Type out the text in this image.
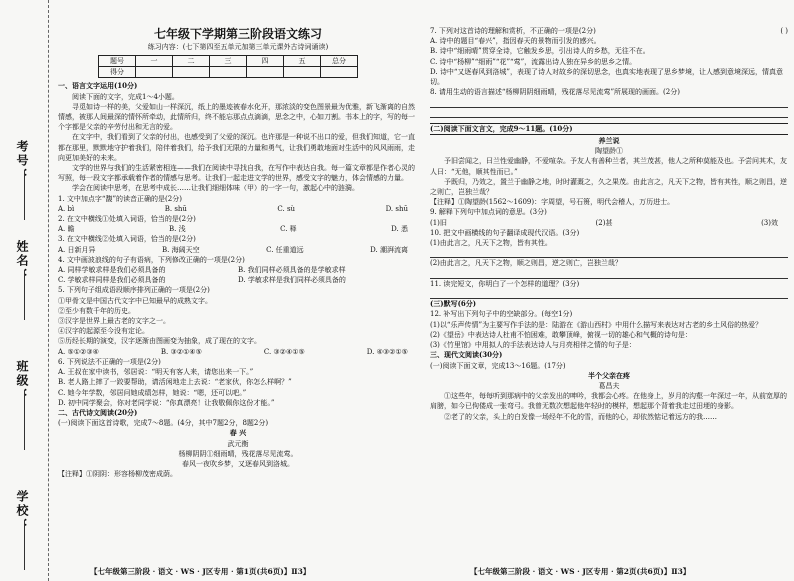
考号：
姓名：
班级：
学校：
七年级下学期第三阶段语文练习
练习内容：(七下第四至五单元加第三单元课外古诗词诵读)
题号	一	二	三	四	五	总分
得分						
一、语言文字运用(10分)
阅读下面的文字，完成1～4小题。
寻觅如诗一样的美，父爱如山一样深沉，纸上的墨迹被春水化开，那浓淡的变色图景最为优雅，新飞渐离的自然情感，被那人间最深的情怀所牵动，此情所归，终不能忘那点点滴滴，思念之中，心如刀割。书本上的字，写的每一个字都是父亲的辛劳付出和无言的爱。
在文字中，我们看到了父亲的付出，也感受到了父爱的深沉。也许那是一种说不出口的爱，但我们知道，它一直都在那里，默默地守护着我们，陪伴着我们，给予我们无限的力量和勇气，让我们勇敢地面对生活中的风风雨雨，走向更加美好的未来。
文学的世界与我们的生活紧密相连——我们在阅读中寻找自我，在写作中表达自我。每一篇文章都是作者心灵的写照，每一段文字都承载着作者的情感与思考。让我们一起走进文学的世界，感受文字的魅力，体会情感的力量。
学会在阅读中思考，在思考中成长……让我们细细体味（甲）的一字一句，激起心中的涟漪。
1. 文中加点字“馥”的读音正确的是(2分)
A. bì	B. shū	C. sù	D. shū
2. 在文中横线①处填入词语，恰当的是(2分)
A. 瞻	B. 浅	C. 释	D. 悉
3. 在文中横线②处填入词语，恰当的是(2分)
A. 日新月异	B. 海阔天空	C. 任重道远	D. 潮湃流离
4. 文中画波浪线的句子有语病，下列修改正确的一项是(2分)
A. 同样学敏求样是我们必须具备的	B. 我们同样必须具备的是学敏求样
C. 学敏求样同样是我们必须具备的	D. 学敏求样是我们同样必须具备的
5. 下列句子组成语段顺序排列正确的一项是(2分)
①甲骨文是中国古代文字中已知最早的成熟文字。
②至少有数千年的历史。
③汉字是世界上最古老的文字之一。
④汉字的起源至今没有定论。
⑤历经长期的演变，汉字逐渐由图画变为抽象，成了现在的文字。
A. ⑤①②③④	B. ③②①④⑤	C. ③②④①⑤	D. ④③②①⑤
6. 下列说法不正确的一项是(2分)
A. 王叔在家中读书，邻居说：“明天有客人来，请您出来一下。”
B. 老人路上摔了一跤要帮助，请活闲地走上去说：“老家伙，你怎么样啊？”
C. 她今年学数，邻居问她成绩怎样，她说：“嗯，还可以吧。”
D. 初中同学聚会，你对老同学说：“你真漂亮！让我敬佩你这份才能。”
二、古代诗文阅读(20分)
(一)阅读下面这首诗歌，完成7～8题。(4分，其中7题2分，8题2分)
春 兴
武元衡
杨柳阴阴①细雨晴，残花落尽见流莺。
春风一夜吹乡梦，又逐春风到洛城。
【注释】①阴阴：形容杨柳茂密成荫。
【七年级第三阶段 · 语文 · WS · J区专用 · 第1页(共6页)】Ⅱ3】
7. 下列对这首诗的理解和赏析，不正确的一项是(2分)	( )
A. 诗中的题目“春兴”，指因春天的景物而引发的感兴。
B. 诗中“细雨晴”贯穿全诗，它触发乡思，引出诗人的乡愁，无往不在。
C. 诗中“杨柳”“细雨”“花”“莺”，流露出诗人独在异乡的思乡之情。
D. 诗中“又逐春风到洛城”，表现了诗人对故乡的深切思念，也真实地表现了思乡梦境，让人感到意境深远，情真意切。
8. 请用生动的语言描述“杨柳阴阴细雨晴，残花落尽见流莺”所展现的画面。(2分)

(二)阅读下面文言文，完成9～11题。(10分)
养兰说
陶望龄①
予旧尝闻之，曰兰性爱幽静，不爱喧杂。予友人有善种兰者，其兰茂甚，他人之所种莫能及也。予尝问其术，友人曰：“无他，顺其性而已。”
予既归，乃效之，置兰于幽静之地，时时灌溉之，久之果茂。由此言之，凡天下之物，皆有其性，顺之则昌，逆之则亡，岂独兰哉？
【注释】①陶望龄(1562～1609)：字周望，号石篑，明代会稽人，万历进士。
9. 解释下列句中加点词的意思。(3分)
(1)旧	(2)甚	(3)效
10. 把文中画横线的句子翻译成现代汉语。(3分)
(1)由此言之，凡天下之物，皆有其性。
(2)由此言之，凡天下之物，顺之则昌，逆之则亡，岂独兰哉？
11. 读完短文，你明白了一个怎样的道理？(3分)
(三)默写(6分)
12. 补写出下列句子中的空缺部分。(每空1分)
(1)以“乐声传情”为主要写作手法的是：陆游在《游山西村》中用什么描写来表达对古老的乡土风俗的热爱？
(2)《望岳》中表达诗人杜甫不怕困难，敢攀顶峰，俯视一切的雄心和气概的诗句是：
(3)《竹里馆》中用拟人的手法表达诗人与月亮相伴之情的句子是：
三、现代文阅读(30分)
(一)阅读下面文章，完成13～16题。(17分)
半个父亲在疼
葛昌夫
①这些年，每每听到那病中的父亲发出的呻吟，我都会心疼。在他身上，岁月的沟壑一年深过一年，从前宽厚的肩膀，如今已佝偻成一张弯弓。我曾无数次想起他年轻时的模样，想起那个背着我走过田埂的身影。
②老了的父亲，头上的白发像一场经年不化的雪，而他的心，却依然惦记着远方的我……
【七年级第三阶段 · 语文 · WS · J区专用 · 第2页(共6页)】Ⅱ3】
